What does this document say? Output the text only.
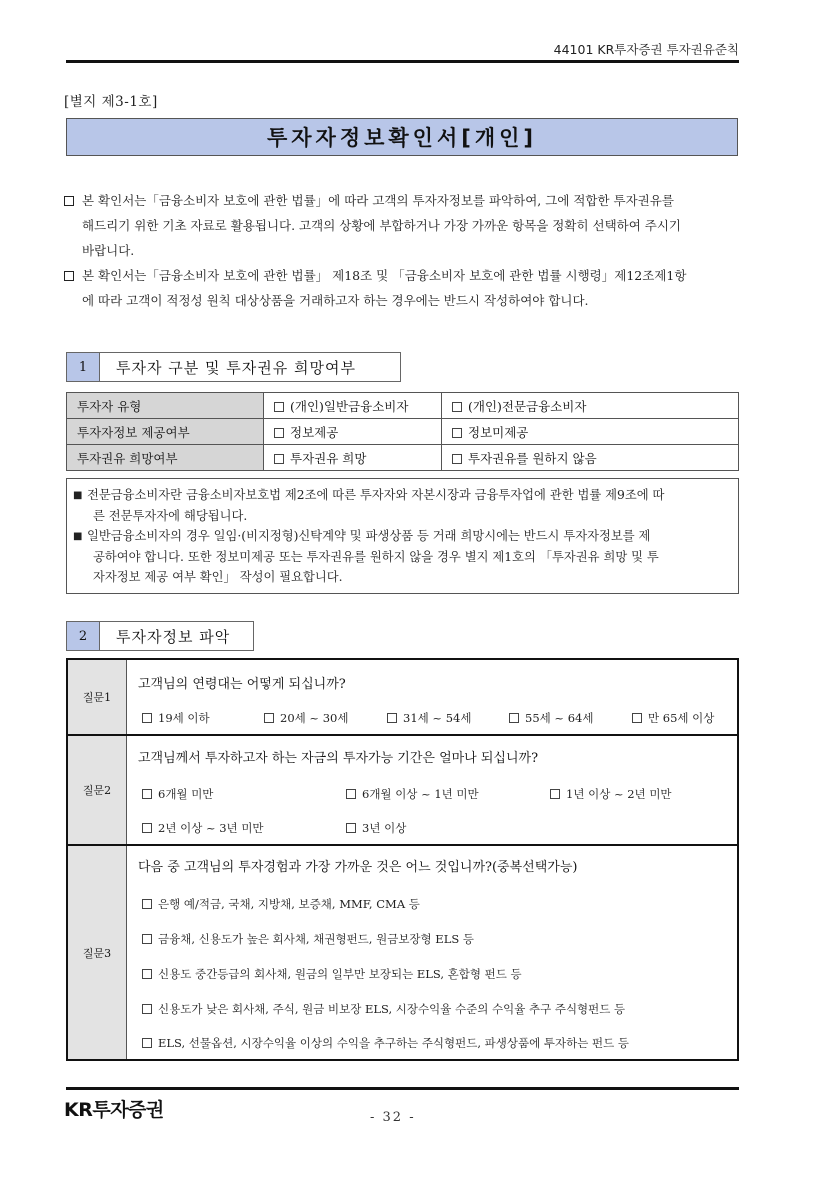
44101 KR투자증권 투자권유준칙
[별지 제3-1호]
투자자정보확인서[개인]
본 확인서는「금융소비자 보호에 관한 법률」에 따라 고객의 투자자정보를 파악하여, 그에 적합한 투자권유를
해드리기 위한 기초 자료로 활용됩니다. 고객의 상황에 부합하거나 가장 가까운 항목을 정확히 선택하여 주시기
바랍니다.
본 확인서는「금융소비자 보호에 관한 법률」 제18조 및 「금융소비자 보호에 관한 법률 시행령」제12조제1항
에 따라 고객이 적정성 원칙 대상상품을 거래하고자 하는 경우에는 반드시 작성하여야 합니다.
1	투자자 구분 및 투자권유 희망여부
투자자 유형	(개인)일반금융소비자	(개인)전문금융소비자
투자자정보 제공여부	정보제공	정보미제공
투자권유 희망여부	투자권유 희망	투자권유를 원하지 않음
■ 전문금융소비자란 금융소비자보호법 제2조에 따른 투자자와 자본시장과 금융투자업에 관한 법률 제9조에 따
른 전문투자자에 해당됩니다.
■ 일반금융소비자의 경우 일임·(비지정형)신탁계약 및 파생상품 등 거래 희망시에는 반드시 투자자정보를 제
공하여야 합니다. 또한 정보미제공 또는 투자권유를 원하지 않을 경우 별지 제1호의 「투자권유 희망 및 투
자자정보 제공 여부 확인」 작성이 필요합니다.
2	투자자정보 파악
질문1
고객님의 연령대는 어떻게 되십니까?
19세 이하	20세 ~ 30세	31세 ~ 54세	55세 ~ 64세	만 65세 이상
질문2
고객님께서 투자하고자 하는 자금의 투자가능 기간은 얼마나 되십니까?
6개월 미만	6개월 이상 ~ 1년 미만	1년 이상 ~ 2년 미만
2년 이상 ~ 3년 미만	3년 이상
질문3
다음 중 고객님의 투자경험과 가장 가까운 것은 어느 것입니까?(중복선택가능)
은행 예/적금, 국채, 지방채, 보증채, MMF, CMA 등
금융채, 신용도가 높은 회사채, 채권형펀드, 원금보장형 ELS 등
신용도 중간등급의 회사채, 원금의 일부만 보장되는 ELS, 혼합형 펀드 등
신용도가 낮은 회사채, 주식, 원금 비보장 ELS, 시장수익율 수준의 수익율 추구 주식형펀드 등
ELS, 선물옵션, 시장수익율 이상의 수익을 추구하는 주식형펀드, 파생상품에 투자하는 펀드 등
KR투자증권	- 32 -
